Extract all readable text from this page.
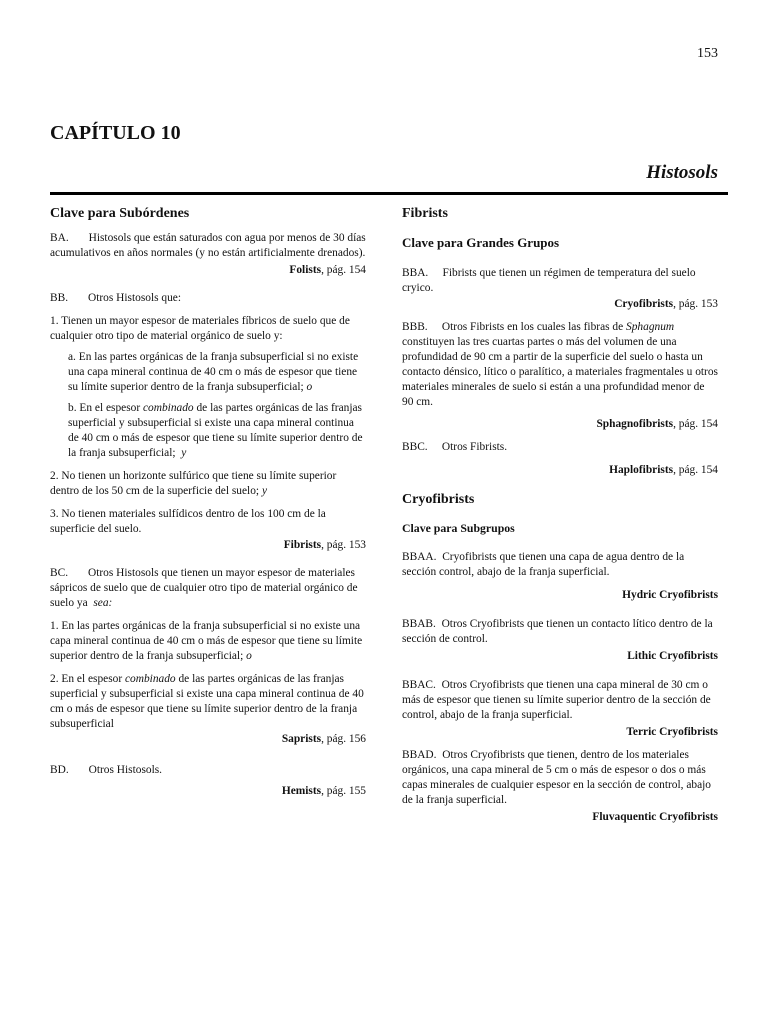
153
CAPÍTULO 10
Histosols

Clave para Subórdenes

BA. Histosols que están saturados con agua por menos de 30 días acumulativos en años normales (y no están artificialmente drenados).

Folists, pág. 154

BB. Otros Histosols que:

1. Tienen un mayor espesor de materiales fíbricos de suelo que de cualquier otro tipo de material orgánico de suelo y:

a. En las partes orgánicas de la franja subsuperficial si no existe una capa mineral continua de 40 cm o más de espesor que tiene su límite superior dentro de la franja subsuperficial; o

b. En el espesor combinado de las partes orgánicas de las franjas superficial y subsuperficial si existe una capa mineral continua de 40 cm o más de espesor que tiene su límite superior dentro de la franja subsuperficial; y

2. No tienen un horizonte sulfúrico que tiene su límite superior dentro de los 50 cm de la superficie del suelo; y

3. No tienen materiales sulfídicos dentro de los 100 cm de la superficie del suelo.

Fibrists, pág. 153

BC. Otros Histosols que tienen un mayor espesor de materiales sápricos de suelo que de cualquier otro tipo de material orgánico de suelo ya sea:

1. En las partes orgánicas de la franja subsuperficial si no existe una capa mineral continua de 40 cm o más de espesor que tiene su límite superior dentro de la franja subsuperficial; o

2. En el espesor combinado de las partes orgánicas de las franjas superficial y subsuperficial si existe una capa mineral continua de 40 cm o más de espesor que tiene su límite superior dentro de la franja subsuperficial

Saprists, pág. 156

BD. Otros Histosols.

Hemists, pág. 155

Fibrists

Clave para Grandes Grupos

BBA. Fibrists que tienen un régimen de temperatura del suelo cryico.

Cryofibrists, pág. 153

BBB. Otros Fibrists en los cuales las fibras de Sphagnum constituyen las tres cuartas partes o más del volumen de una profundidad de 90 cm a partir de la superficie del suelo o hasta un contacto dénsico, lítico o paralítico, a materiales fragmentales u otros materiales minerales de suelo si están a una profundidad menor de 90 cm.

Sphagnofibrists, pág. 154

BBC. Otros Fibrists.

Haplofibrists, pág. 154

Cryofibrists

Clave para Subgrupos

BBAA. Cryofibrists que tienen una capa de agua dentro de la sección control, abajo de la franja superficial.

Hydric Cryofibrists

BBAB. Otros Cryofibrists que tienen un contacto lítico dentro de la sección de control.

Lithic Cryofibrists

BBAC. Otros Cryofibrists que tienen una capa mineral de 30 cm o más de espesor que tienen su límite superior dentro de la sección de control, abajo de la franja superficial.

Terric Cryofibrists

BBAD. Otros Cryofibrists que tienen, dentro de los materiales orgánicos, una capa mineral de 5 cm o más de espesor o dos o más capas minerales de cualquier espesor en la sección de control, abajo de la franja superficial.

Fluvaquentic Cryofibrists
